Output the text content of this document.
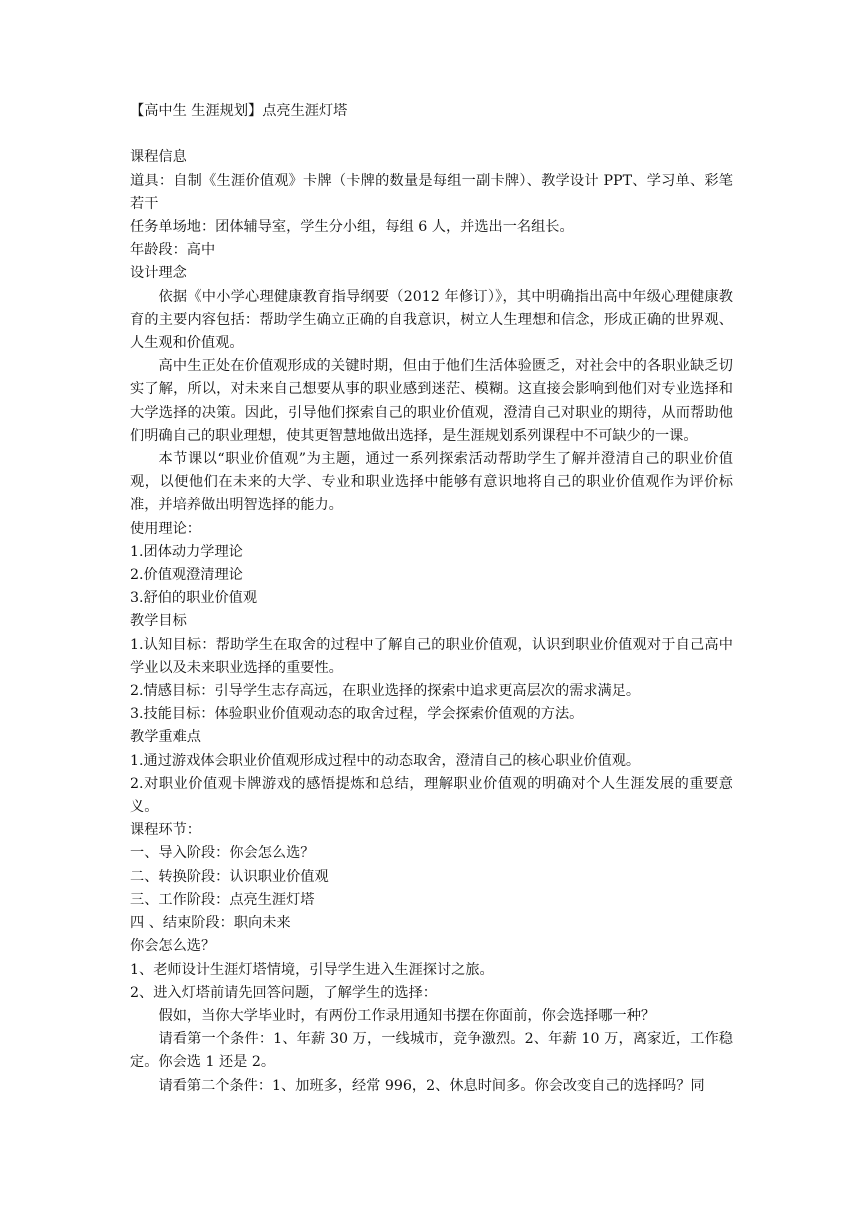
【高中生 生涯规划】点亮生涯灯塔

课程信息

道具：自制《生涯价值观》卡牌（卡牌的数量是每组一副卡牌）、教学设计 PPT、学习单、彩笔若干

任务单场地：团体辅导室，学生分小组，每组 6 人，并选出一名组长。

年龄段：高中

设计理念

依据《中小学心理健康教育指导纲要（2012 年修订）》，其中明确指出高中年级心理健康教育的主要内容包括：帮助学生确立正确的自我意识，树立人生理想和信念，形成正确的世界观、人生观和价值观。

高中生正处在价值观形成的关键时期，但由于他们生活体验匮乏，对社会中的各职业缺乏切实了解，所以，对未来自己想要从事的职业感到迷茫、模糊。这直接会影响到他们对专业选择和大学选择的决策。因此，引导他们探索自己的职业价值观，澄清自己对职业的期待，从而帮助他们明确自己的职业理想，使其更智慧地做出选择，是生涯规划系列课程中不可缺少的一课。

本节课以“职业价值观”为主题，通过一系列探索活动帮助学生了解并澄清自己的职业价值观，以便他们在未来的大学、专业和职业选择中能够有意识地将自己的职业价值观作为评价标准，并培养做出明智选择的能力。

使用理论：

1.团体动力学理论

2.价值观澄清理论

3.舒伯的职业价值观

教学目标

1.认知目标：帮助学生在取舍的过程中了解自己的职业价值观，认识到职业价值观对于自己高中学业以及未来职业选择的重要性。

2.情感目标：引导学生志存高远，在职业选择的探索中追求更高层次的需求满足。

3.技能目标：体验职业价值观动态的取舍过程，学会探索价值观的方法。

教学重难点

1.通过游戏体会职业价值观形成过程中的动态取舍，澄清自己的核心职业价值观。

2.对职业价值观卡牌游戏的感悟提炼和总结，理解职业价值观的明确对个人生涯发展的重要意义。

课程环节：

一、导入阶段：你会怎么选？

二、转换阶段：认识职业价值观

三、工作阶段：点亮生涯灯塔

四 、结束阶段：职向未来

你会怎么选？

1、老师设计生涯灯塔情境，引导学生进入生涯探讨之旅。

2、进入灯塔前请先回答问题，了解学生的选择：

假如，当你大学毕业时，有两份工作录用通知书摆在你面前，你会选择哪一种？

请看第一个条件：1、年薪 30 万，一线城市，竞争激烈。2、年薪 10 万，离家近，工作稳定。你会选 1 还是 2。

请看第二个条件：1、加班多，经常 996，2、休息时间多。你会改变自己的选择吗？同
